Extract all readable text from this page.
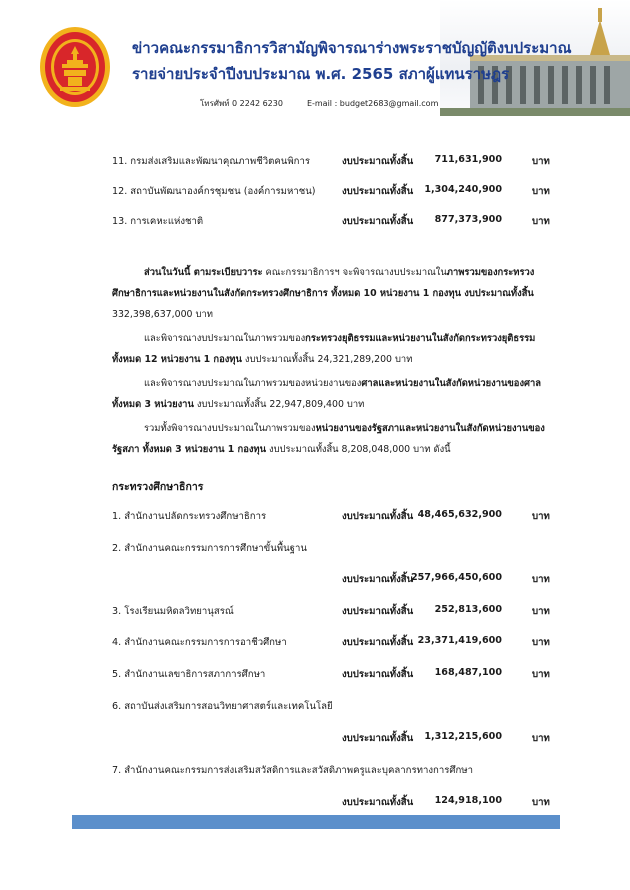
ข่าวคณะกรรมาธิการวิสามัญพิจารณาร่างพระราชบัญญัติงบประมาณ
รายจ่ายประจำปีงบประมาณ พ.ศ. 2565 สภาผู้แทนราษฎร
โทรศัพท์ 0 2242 6230	E-mail : budget2683@gmail.com
11. กรมส่งเสริมและพัฒนาคุณภาพชีวิตคนพิการ	งบประมาณทั้งสิ้น 711,631,900	บาท
12. สถาบันพัฒนาองค์กรชุมชน (องค์การมหาชน)	งบประมาณทั้งสิ้น 1,304,240,900	บาท
13. การเคหะแห่งชาติ	งบประมาณทั้งสิ้น 877,373,900	บาท
ส่วนในวันนี้ ตามระเบียบวาระ คณะกรรมาธิการฯ จะพิจารณางบประมาณในภาพรวมของกระทรวงศึกษาธิการและหน่วยงานในสังกัดกระทรวงศึกษาธิการ ทั้งหมด 10 หน่วยงาน 1 กองทุน งบประมาณทั้งสิ้น 332,398,637,000 บาท
และพิจารณางบประมาณในภาพรวมของกระทรวงยุติธรรมและหน่วยงานในสังกัดกระทรวงยุติธรรม ทั้งหมด 12 หน่วยงาน 1 กองทุน งบประมาณทั้งสิ้น 24,321,289,200 บาท
และพิจารณางบประมาณในภาพรวมของหน่วยงานของศาลและหน่วยงานในสังกัดหน่วยงานของศาล ทั้งหมด 3 หน่วยงาน งบประมาณทั้งสิ้น 22,947,809,400 บาท
รวมทั้งพิจารณางบประมาณในภาพรวมของหน่วยงานของรัฐสภาและหน่วยงานในสังกัดหน่วยงานของรัฐสภา ทั้งหมด 3 หน่วยงาน 1 กองทุน งบประมาณทั้งสิ้น 8,208,048,000 บาท ดังนี้
กระทรวงศึกษาธิการ
1. สำนักงานปลัดกระทรวงศึกษาธิการ	งบประมาณทั้งสิ้น 48,465,632,900	บาท
2. สำนักงานคณะกรรมการการศึกษาขั้นพื้นฐาน
งบประมาณทั้งสิ้น
257,966,450,600	บาท
3. โรงเรียนมหิดลวิทยานุสรณ์	งบประมาณทั้งสิ้น 252,813,600	บาท
4. สำนักงานคณะกรรมการการอาชีวศึกษา	งบประมาณทั้งสิ้น 23,371,419,600	บาท
5. สำนักงานเลขาธิการสภาการศึกษา	งบประมาณทั้งสิ้น 168,487,100	บาท
6. สถาบันส่งเสริมการสอนวิทยาศาสตร์และเทคโนโลยี
งบประมาณทั้งสิ้น 1,312,215,600	บาท
7. สำนักงานคณะกรรมการส่งเสริมสวัสดิการและสวัสดิภาพครูและบุคลากรทางการศึกษา
งบประมาณทั้งสิ้น 124,918,100	บาท
